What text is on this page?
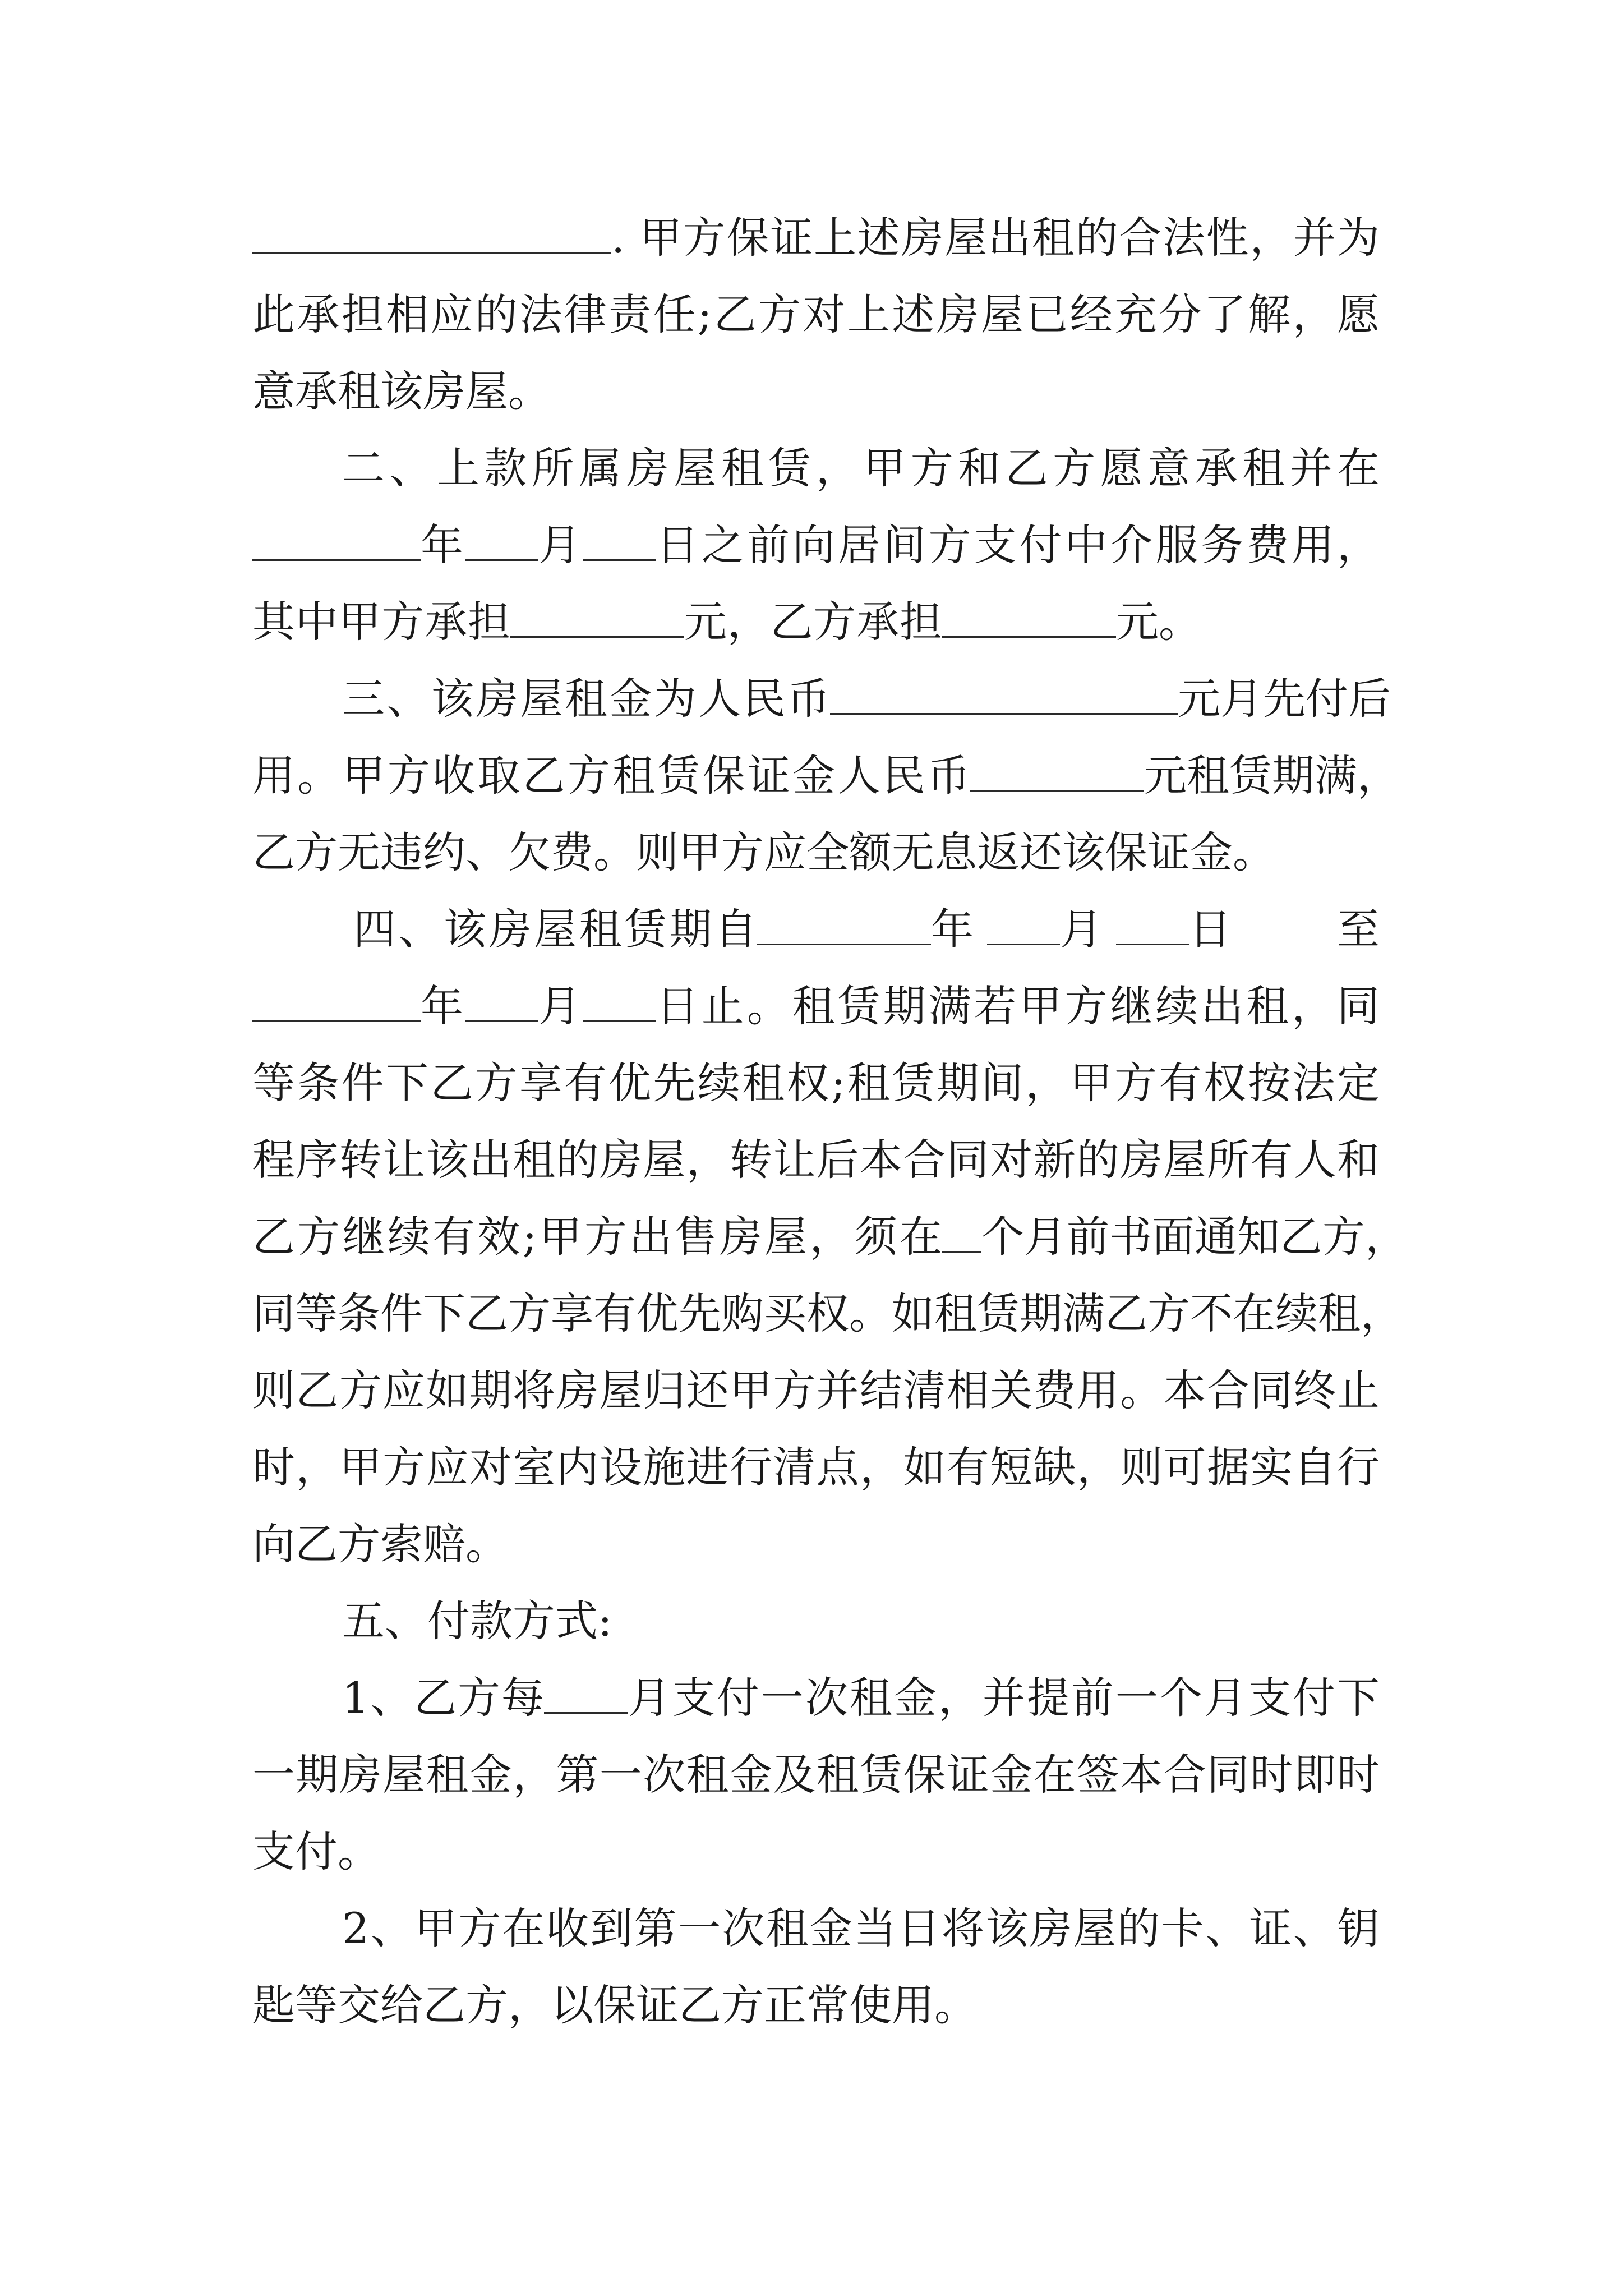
. 甲方保证上述房屋出租的合法性，并为
此承担相应的法律责任;乙方对上述房屋已经充分了解，愿
意承租该房屋。
二、上款所属房屋租赁，甲方和乙方愿意承租并在
年 月 日之前向居间方支付中介服务费用，
其中甲方承担	元，乙方承担	元。
三、该房屋租金为人民币	元月先付后
用。甲方收取乙方租赁保证金人民币	元租赁期满，
乙方无违约、欠费。则甲方应全额无息返还该保证金。
四、该房屋租赁期自	年 月 日至
年 月 日止。租赁期满若甲方继续出租，同
等条件下乙方享有优先续租权;租赁期间，甲方有权按法定
程序转让该出租的房屋，转让后本合同对新的房屋所有人和
乙方继续有效;甲方出售房屋，须在 个月前书面通知乙方，
同等条件下乙方享有优先购买权。如租赁期满乙方不在续租，
则乙方应如期将房屋归还甲方并结清相关费用。本合同终止
时，甲方应对室内设施进行清点，如有短缺，则可据实自行
向乙方索赔。
五、付款方式:
1、乙方每 月支付一次租金，并提前一个月支付下
一期房屋租金，第一次租金及租赁保证金在签本合同时即时
支付。
2、甲方在收到第一次租金当日将该房屋的卡、证、钥
匙等交给乙方，以保证乙方正常使用。
